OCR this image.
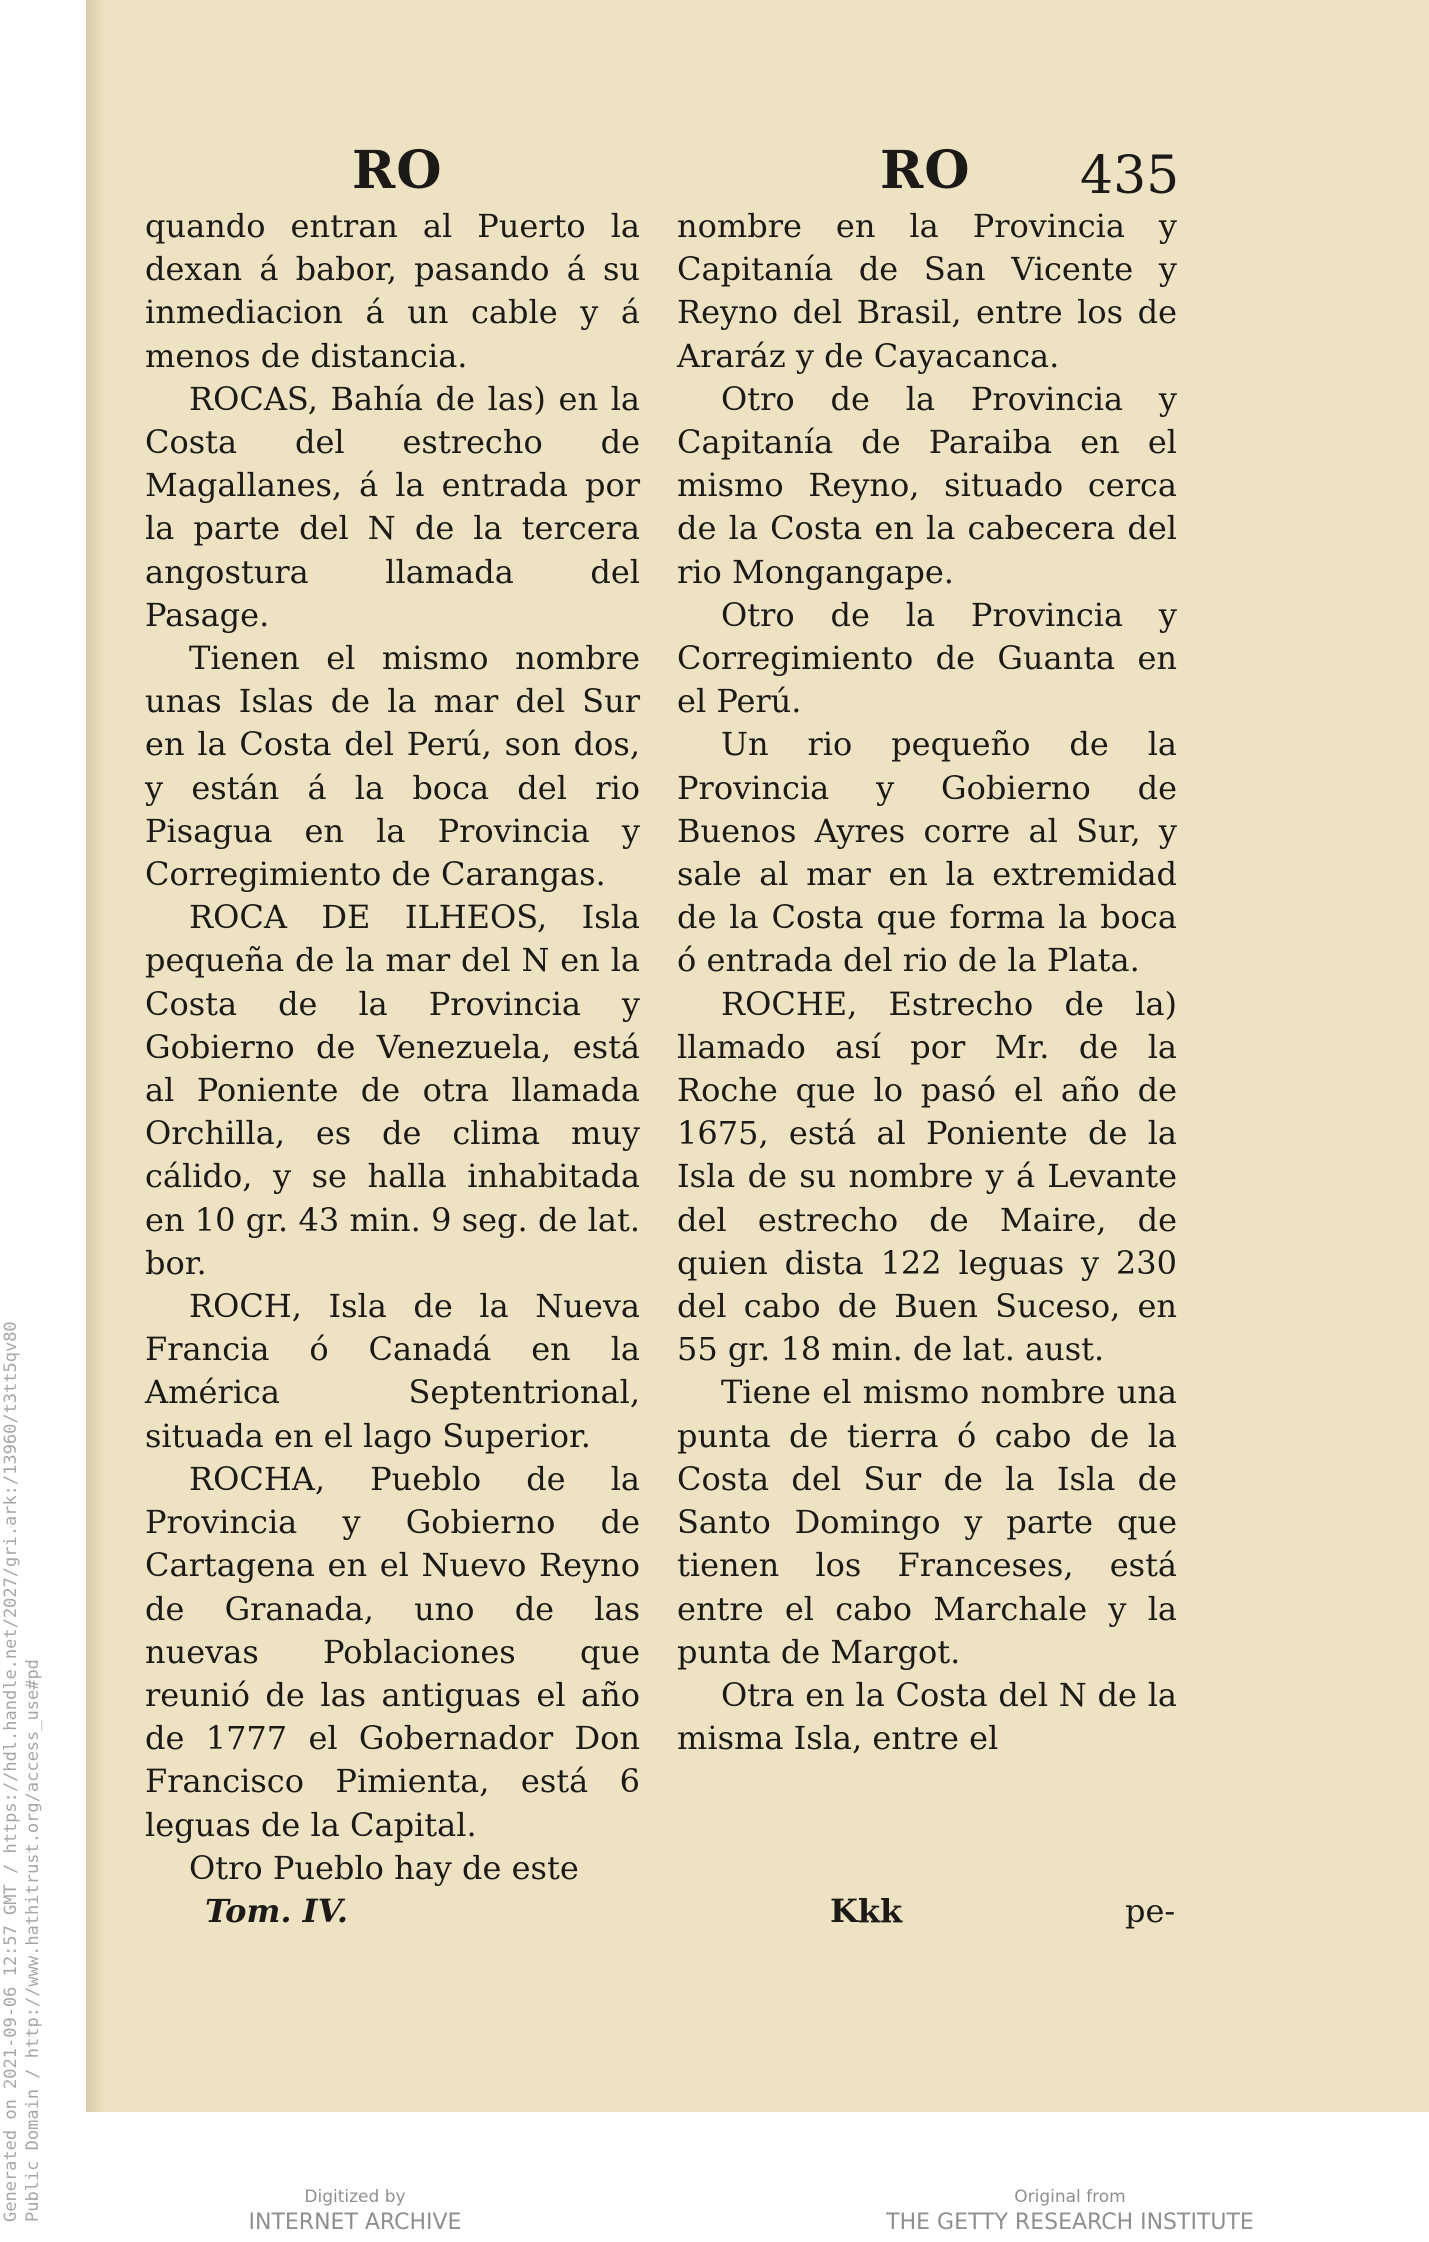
RO	RO 435

quando entran al Puerto la dexan á babor, pasando á su inmediacion á un cable y á menos de distancia.

ROCAS, Bahía de las) en la Costa del estrecho de Magallanes, á la entrada por la parte del N de la tercera angostura llamada del Pasage.

Tienen el mismo nombre unas Islas de la mar del Sur en la Costa del Perú, son dos, y están á la boca del rio Pisagua en la Provincia y Corregimiento de Carangas.

ROCA DE ILHEOS, Isla pequeña de la mar del N en la Costa de la Provincia y Gobierno de Venezuela, está al Poniente de otra llamada Orchilla, es de clima muy cálido, y se halla inhabitada en 10 gr. 43 min. 9 seg. de lat. bor.

ROCH, Isla de la Nueva Francia ó Canadá en la América Septentrional, situada en el lago Superior.

ROCHA, Pueblo de la Provincia y Gobierno de Cartagena en el Nuevo Reyno de Granada, uno de las nuevas Poblaciones que reunió de las antiguas el año de 1777 el Gobernador Don Francisco Pimienta, está 6 leguas de la Capital.

Otro Pueblo hay de este

nombre en la Provincia y Capitanía de San Vicente y Reyno del Brasil, entre los de Araráz y de Cayacanca.

Otro de la Provincia y Capitanía de Paraiba en el mismo Reyno, situado cerca de la Costa en la cabecera del rio Mongangape.

Otro de la Provincia y Corregimiento de Guanta en el Perú.

Un rio pequeño de la Provincia y Gobierno de Buenos Ayres corre al Sur, y sale al mar en la extremidad de la Costa que forma la boca ó entrada del rio de la Plata.

ROCHE, Estrecho de la) llamado así por Mr. de la Roche que lo pasó el año de 1675, está al Poniente de la Isla de su nombre y á Levante del estrecho de Maire, de quien dista 122 leguas y 230 del cabo de Buen Suceso, en 55 gr. 18 min. de lat. aust.

Tiene el mismo nombre una punta de tierra ó cabo de la Costa del Sur de la Isla de Santo Domingo y parte que tienen los Franceses, está entre el cabo Marchale y la punta de Margot.

Otra en la Costa del N de la misma Isla, entre el

Tom. IV.	Kkk	pe-
Generated on 2021-09-06 12:57 GMT / https://hdl.handle.net/2027/gri.ark:/13960/t3tt5qv80 Public Domain / http://www.hathitrust.org/access_use#pd	Digitized by
INTERNET ARCHIVE
Original from
THE GETTY RESEARCH INSTITUTE
